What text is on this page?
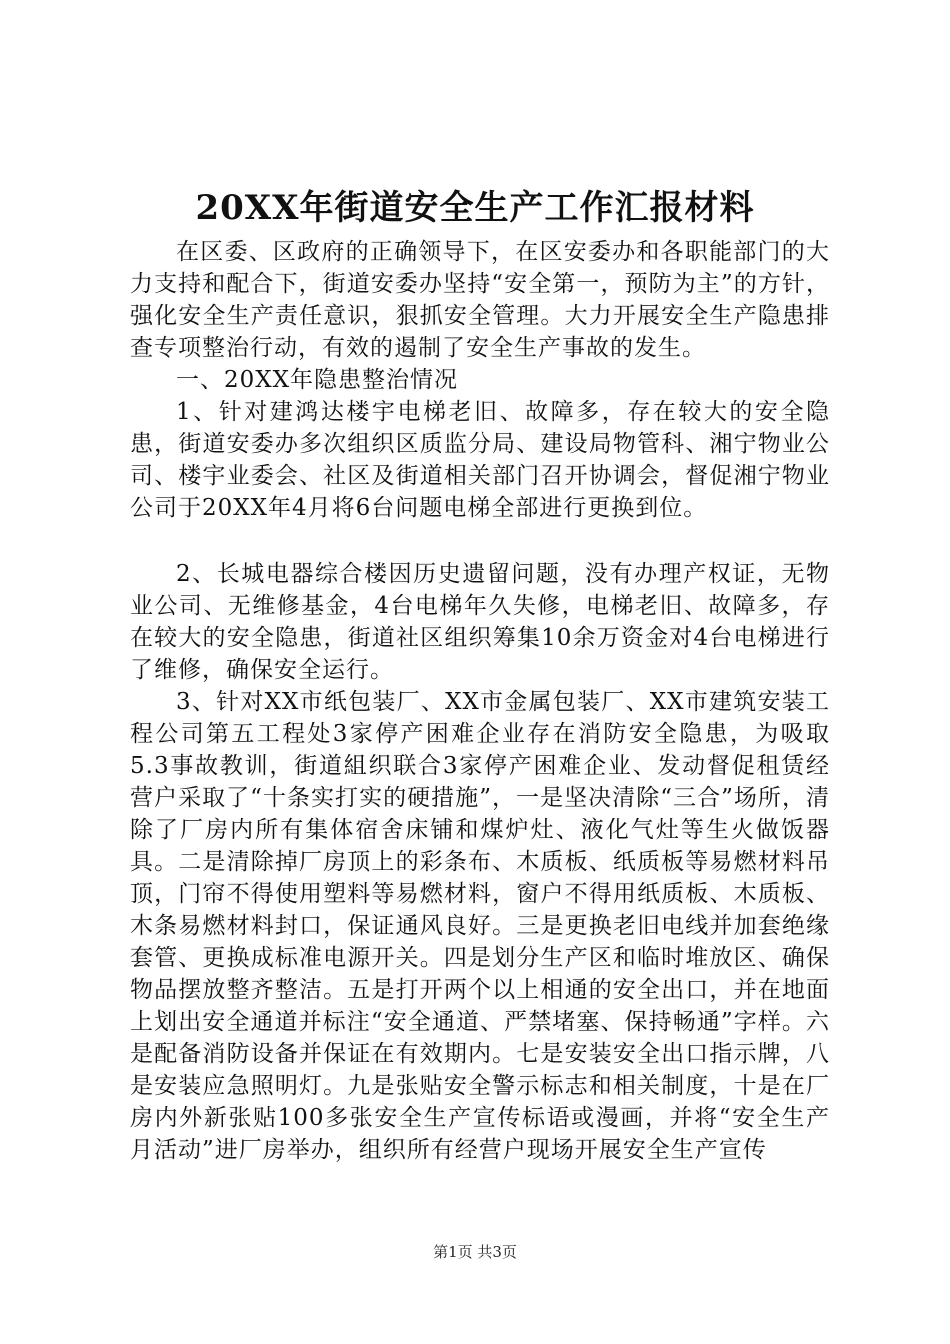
20XX年街道安全生产工作汇报材料

在区委、区政府的正确领导下，在区安委办和各职能部门的大力支持和配合下，街道安委办坚持“安全第一，预防为主”的方针，强化安全生产责任意识，狠抓安全管理。大力开展安全生产隐患排查专项整治行动，有效的遏制了安全生产事故的发生。

一、20XX年隐患整治情况

1、针对建鸿达楼宇电梯老旧、故障多，存在较大的安全隐患，街道安委办多次组织区质监分局、建设局物管科、湘宁物业公司、楼宇业委会、社区及街道相关部门召开协调会，督促湘宁物业公司于20XX年4月将6台问题电梯全部进行更换到位。

2、长城电器综合楼因历史遗留问题，没有办理产权证，无物业公司、无维修基金，4台电梯年久失修，电梯老旧、故障多，存在较大的安全隐患，街道社区组织筹集10余万资金对4台电梯进行了维修，确保安全运行。

3、针对XX市纸包装厂、XX市金属包装厂、XX市建筑安装工程公司第五工程处3家停产困难企业存在消防安全隐患，为吸取5.3事故教训，街道組织联合3家停产困难企业、发动督促租赁经营户采取了“十条实打实的硬措施”，一是坚决清除“三合”场所，清除了厂房内所有集体宿舍床铺和煤炉灶、液化气灶等生火做饭器具。二是清除掉厂房顶上的彩条布、木质板、纸质板等易燃材料吊顶，门帘不得使用塑料等易燃材料，窗户不得用纸质板、木质板、木条易燃材料封口，保证通风良好。三是更换老旧电线并加套绝缘套管、更换成标准电源开关。四是划分生产区和临时堆放区、确保物品摆放整齐整洁。五是打开两个以上相通的安全出口，并在地面上划出安全通道并标注“安全通道、严禁堵塞、保持畅通”字样。六是配备消防设备并保证在有效期内。七是安装安全出口指示牌，八是安装应急照明灯。九是张贴安全警示标志和相关制度，十是在厂房内外新张贴100多张安全生产宣传标语或漫画，并将“安全生产月活动”进厂房举办，组织所有经营户现场开展安全生产宣传

第1页 共3页
